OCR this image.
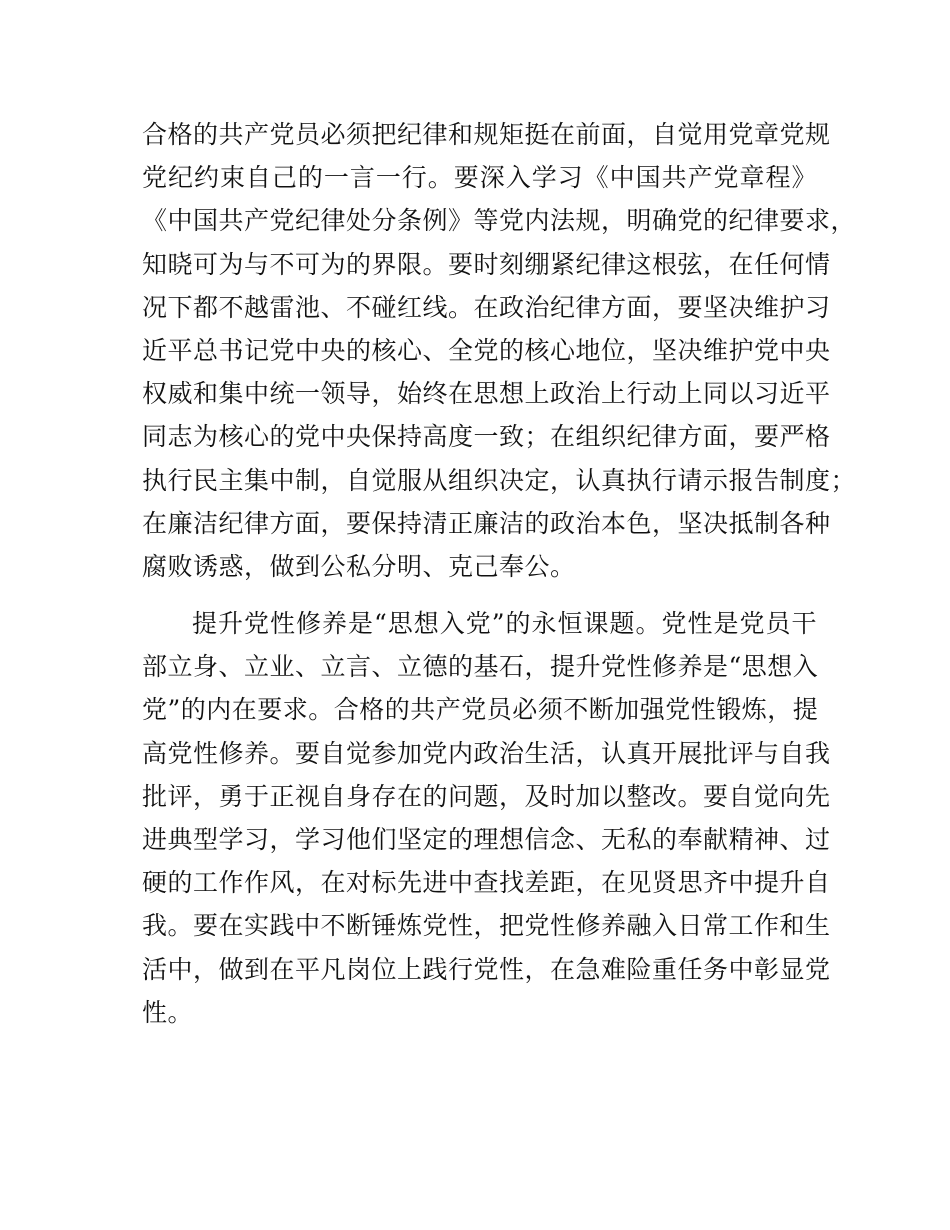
合格的共产党员必须把纪律和规矩挺在前面，自觉用党章党规
党纪约束自己的一言一行。要深入学习《中国共产党章程》
《中国共产党纪律处分条例》等党内法规，明确党的纪律要求，
知晓可为与不可为的界限。要时刻绷紧纪律这根弦，在任何情
况下都不越雷池、不碰红线。在政治纪律方面，要坚决维护习
近平总书记党中央的核心、全党的核心地位，坚决维护党中央
权威和集中统一领导，始终在思想上政治上行动上同以习近平
同志为核心的党中央保持高度一致；在组织纪律方面，要严格
执行民主集中制，自觉服从组织决定，认真执行请示报告制度；
在廉洁纪律方面，要保持清正廉洁的政治本色，坚决抵制各种
腐败诱惑，做到公私分明、克己奉公。
提升党性修养是“思想入党”的永恒课题。党性是党员干
部立身、立业、立言、立德的基石，提升党性修养是“思想入
党”的内在要求。合格的共产党员必须不断加强党性锻炼，提
高党性修养。要自觉参加党内政治生活，认真开展批评与自我
批评，勇于正视自身存在的问题，及时加以整改。要自觉向先
进典型学习，学习他们坚定的理想信念、无私的奉献精神、过
硬的工作作风，在对标先进中查找差距，在见贤思齐中提升自
我。要在实践中不断锤炼党性，把党性修养融入日常工作和生
活中，做到在平凡岗位上践行党性，在急难险重任务中彰显党
性。
